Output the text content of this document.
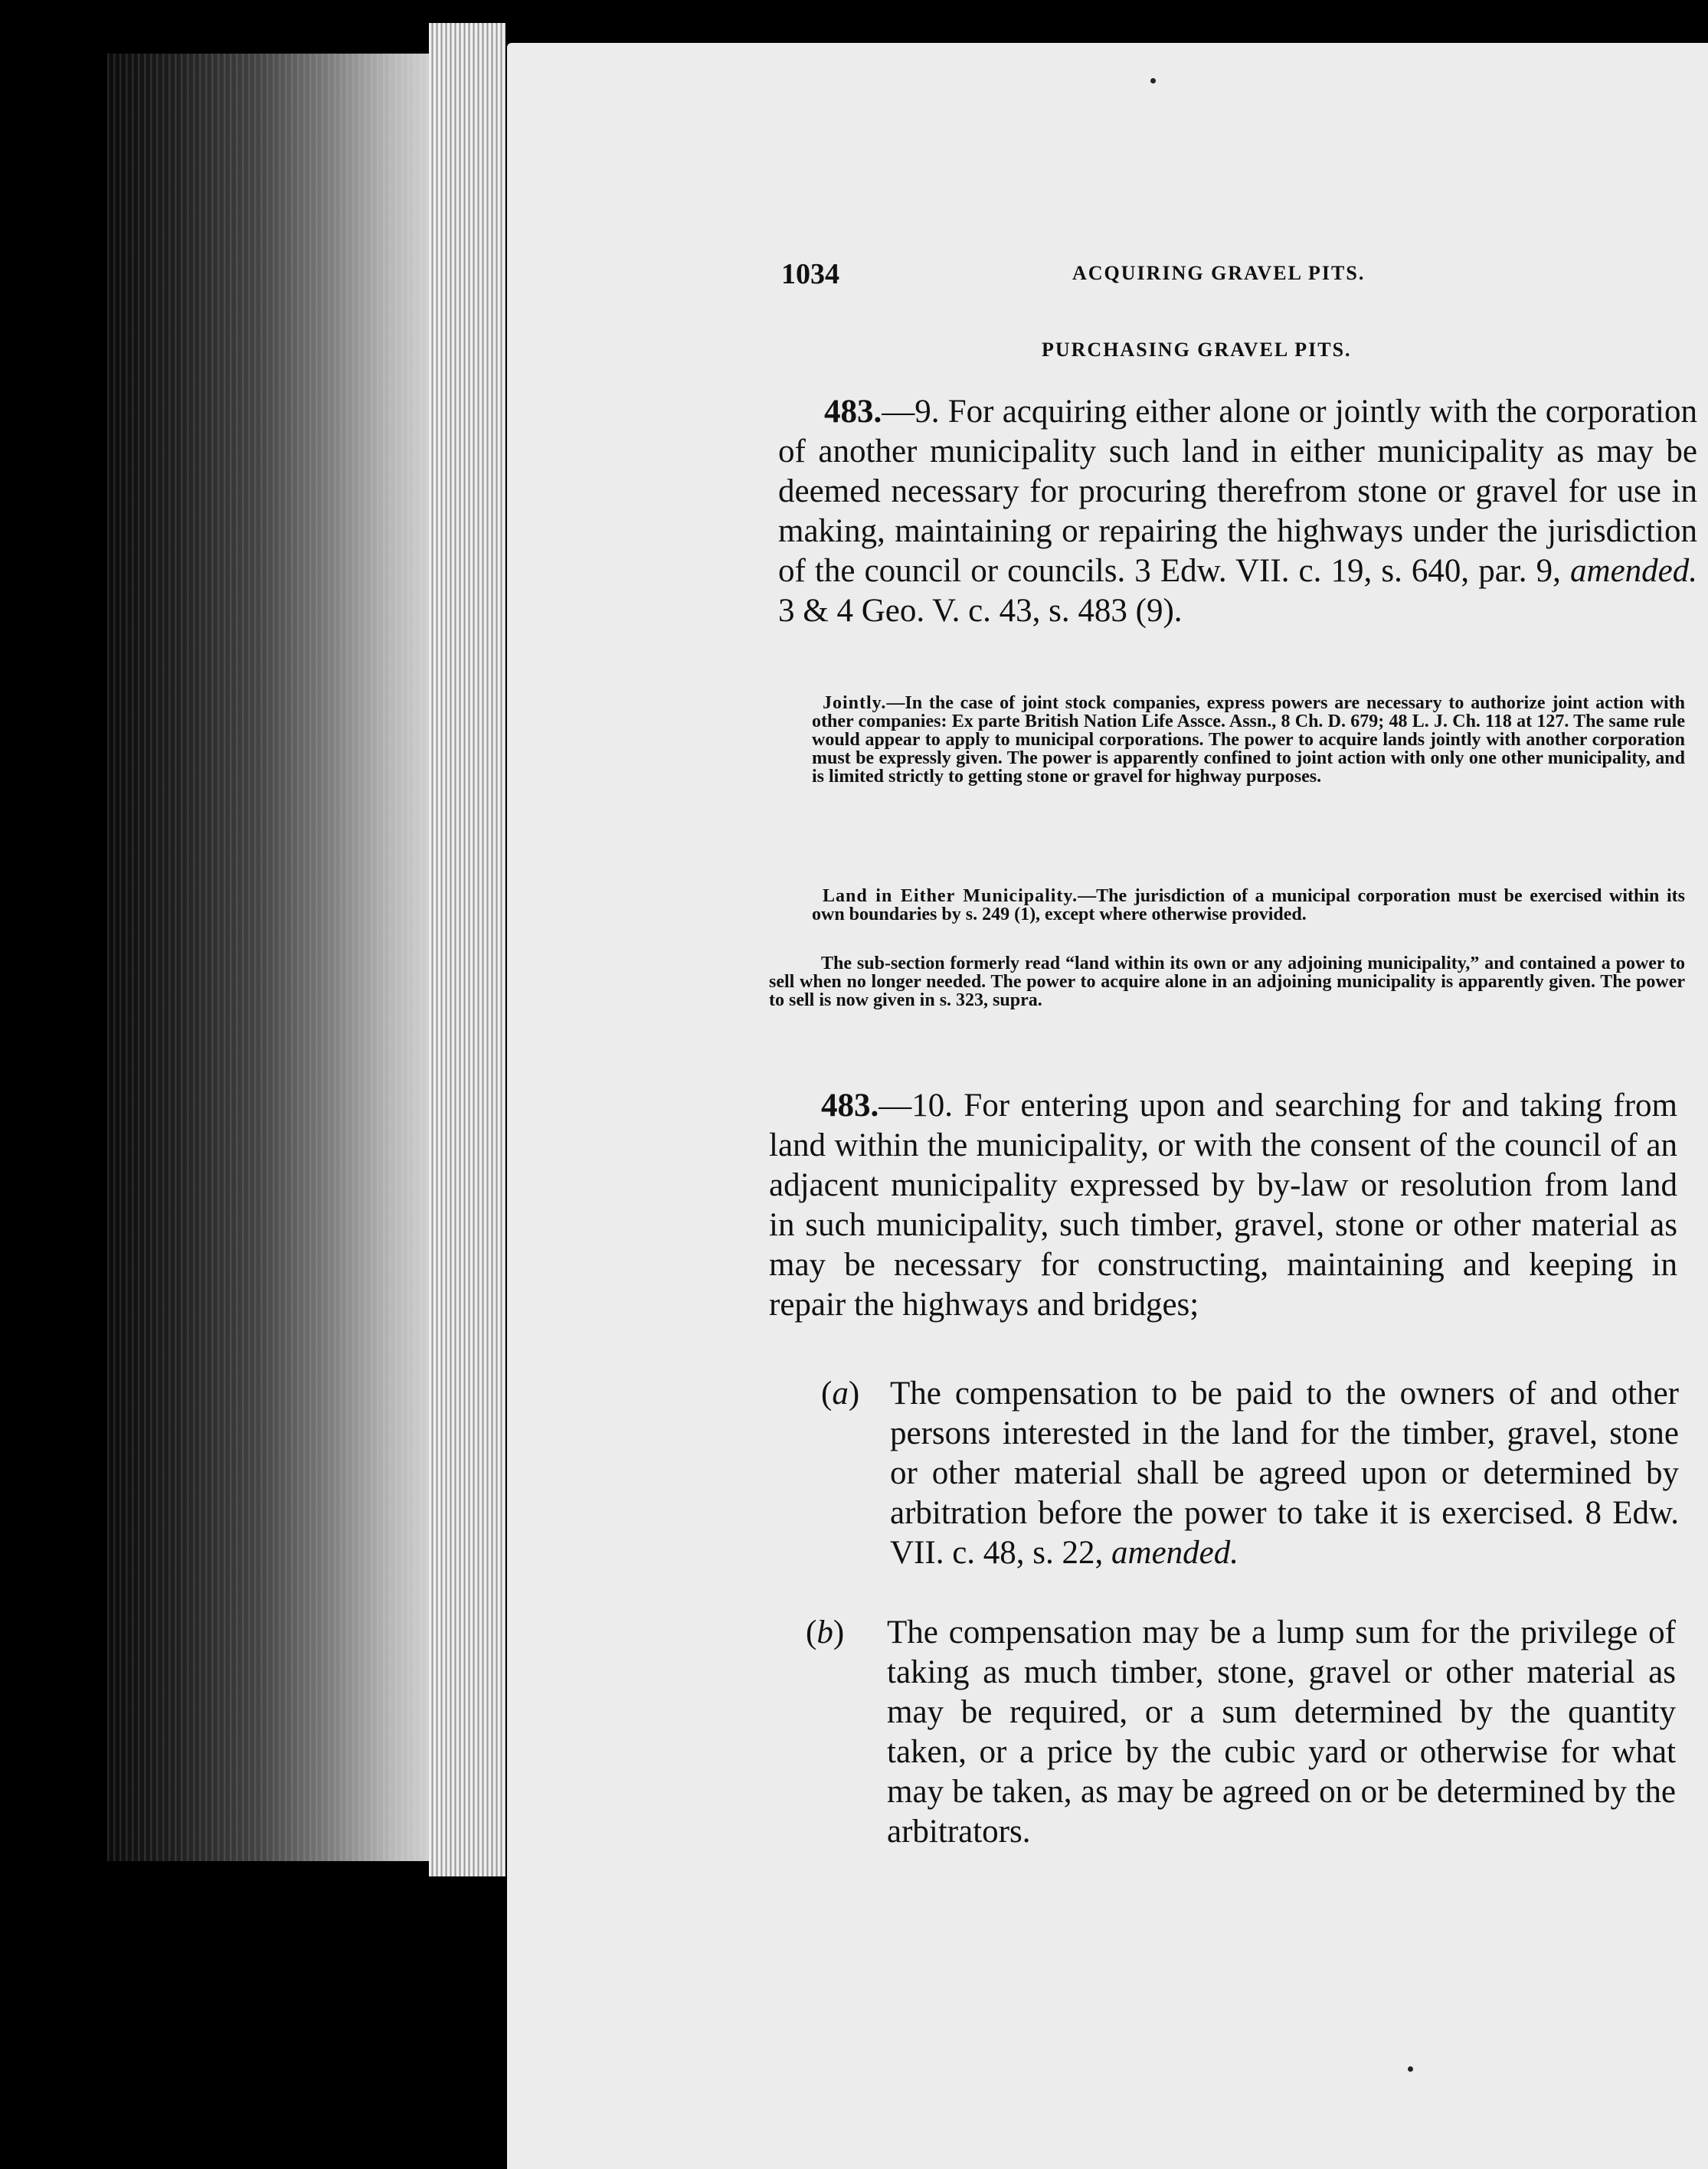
1034	ACQUIRING GRAVEL PITS.
PURCHASING GRAVEL PITS.

483.—9. For acquiring either alone or jointly with the corporation of another municipality such land in either municipality as may be deemed necessary for procuring therefrom stone or gravel for use in making, maintaining or repairing the highways under the jurisdiction of the council or councils. 3 Edw. VII. c. 19, s. 640, par. 9, amended. 3 & 4 Geo. V. c. 43, s. 483 (9).

Jointly.—In the case of joint stock companies, express powers are necessary to authorize joint action with other companies: Ex parte British Nation Life Assce. Assn., 8 Ch. D. 679; 48 L. J. Ch. 118 at 127. The same rule would appear to apply to municipal corporations. The power to acquire lands jointly with another corporation must be expressly given. The power is apparently confined to joint action with only one other municipality, and is limited strictly to getting stone or gravel for highway purposes.

Land in Either Municipality.—The jurisdiction of a municipal corporation must be exercised within its own boundaries by s. 249 (1), except where otherwise provided.

The sub-section formerly read “land within its own or any adjoining municipality,” and contained a power to sell when no longer needed. The power to acquire alone in an adjoining municipality is apparently given. The power to sell is now given in s. 323, supra.

483.—10. For entering upon and searching for and taking from land within the municipality, or with the consent of the council of an adjacent municipality expressed by by-law or resolution from land in such municipality, such timber, gravel, stone or other material as may be necessary for constructing, maintaining and keeping in repair the highways and bridges;

(a) The compensation to be paid to the owners of and other persons interested in the land for the timber, gravel, stone or other material shall be agreed upon or determined by arbitration before the power to take it is exercised. 8 Edw. VII. c. 48, s. 22, amended.

(b) The compensation may be a lump sum for the privilege of taking as much timber, stone, gravel or other material as may be required, or a sum determined by the quantity taken, or a price by the cubic yard or otherwise for what may be taken, as may be agreed on or be determined by the arbitrators.
